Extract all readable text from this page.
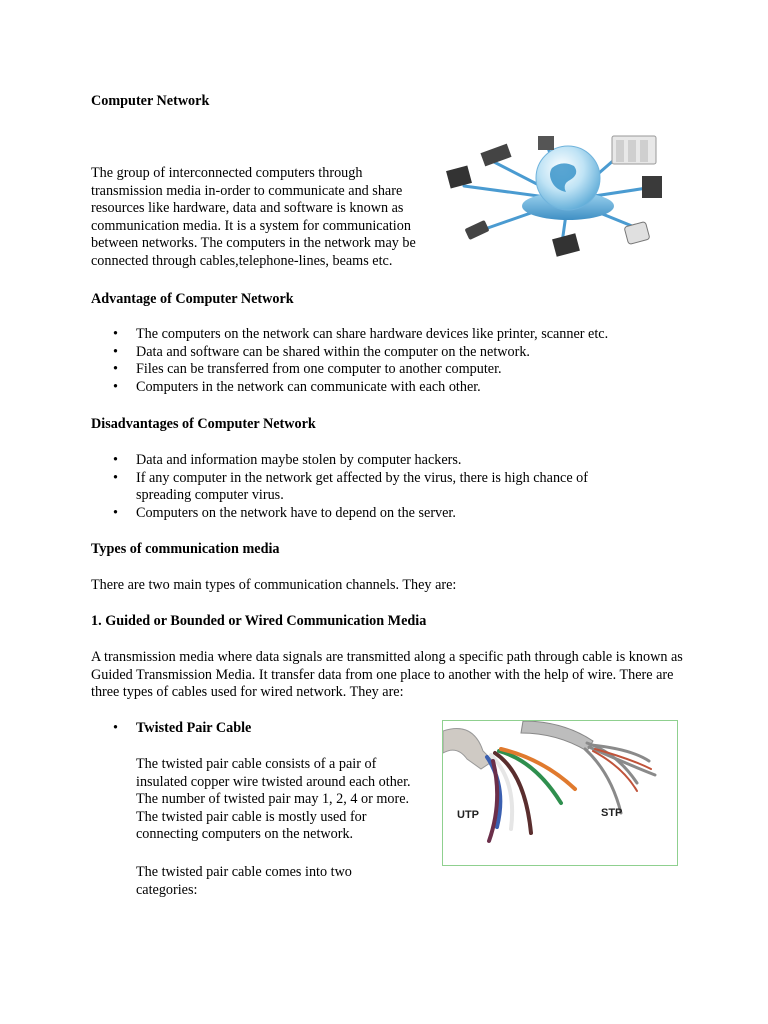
Computer Network

The group of interconnected computers through transmission media in-order to communicate and share resources like hardware, data and software is known as communication media. It is a system for communication between networks. The computers in the network may be connected through cables,telephone-lines, beams etc.

Advantage of Computer Network

• The computers on the network can share hardware devices like printer, scanner etc.
• Data and software can be shared within the computer on the network.
• Files can be transferred from one computer to another computer.
• Computers in the network can communicate with each other.

Disadvantages of Computer Network

• Data and information maybe stolen by computer hackers.
• If any computer in the network get affected by the virus, there is high chance of spreading computer virus.
• Computers on the network have to depend on the server.

Types of communication media

There are two main types of communication channels. They are:

1. Guided or Bounded or Wired Communication Media

A transmission media where data signals are transmitted along a specific path through cable is known as Guided Transmission Media. It transfer data from one place to another with the help of wire. There are three types of cables used for wired network. They are:

• Twisted Pair Cable

The twisted pair cable consists of a pair of insulated copper wire twisted around each other. The number of twisted pair may 1, 2, 4 or more. The twisted pair cable is mostly used for connecting computers on the network.

The twisted pair cable comes into two categories:

UTP	STP
